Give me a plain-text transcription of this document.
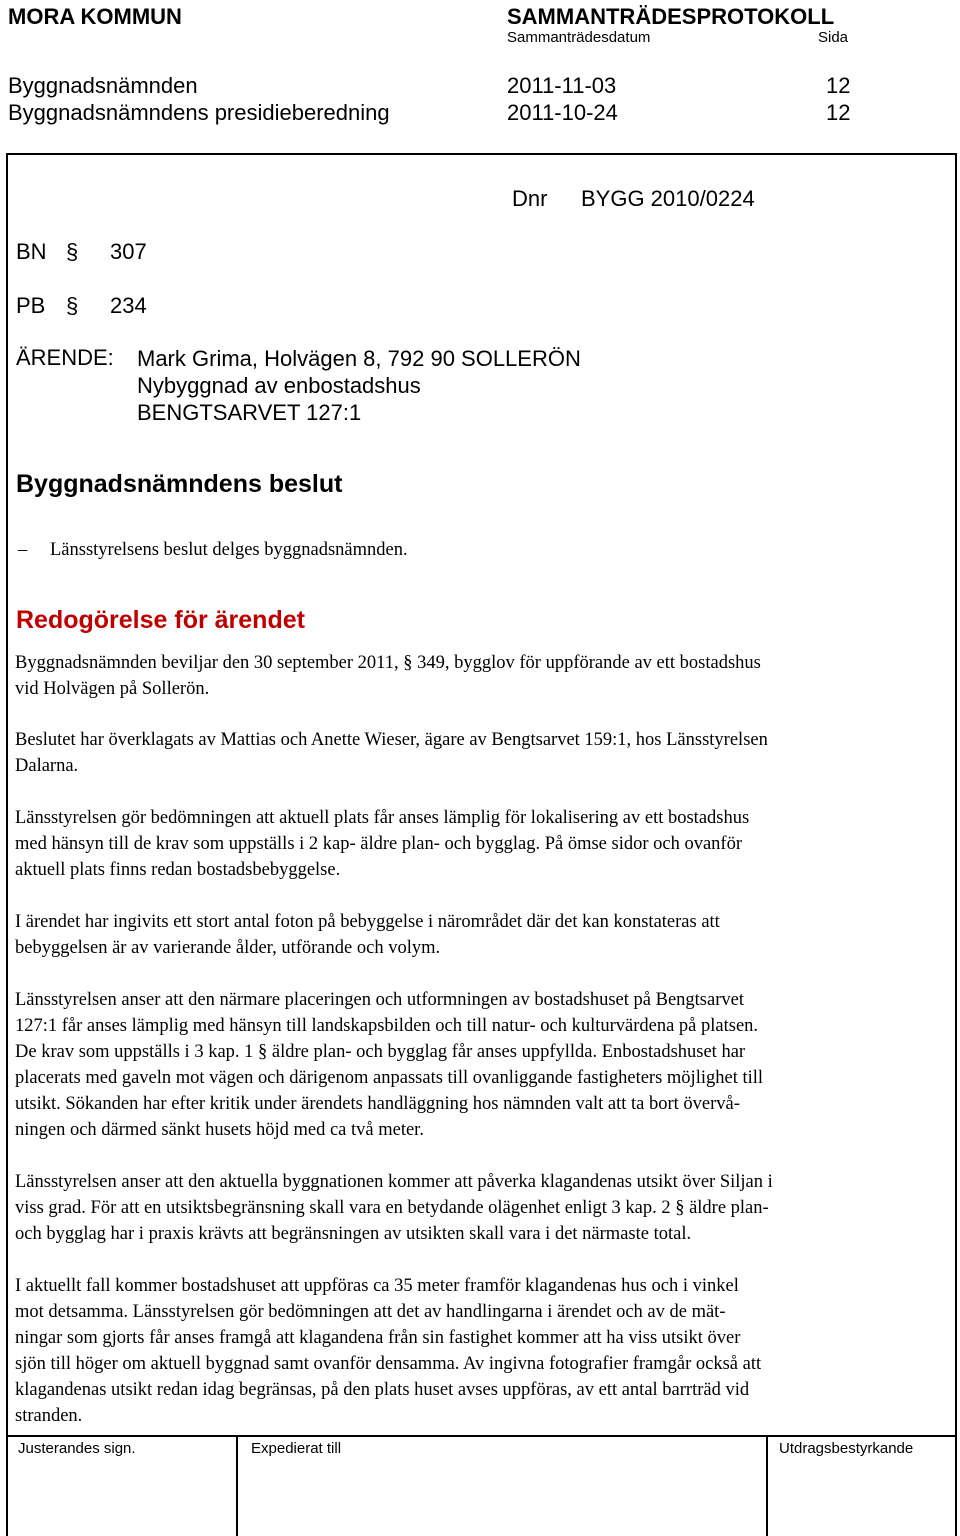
MORA KOMMUN	SAMMANTRÄDESPROTOKOLL
Sammanträdesdatum	Sida
Byggnadsnämnden	2011-11-03	12
Byggnadsnämndens presidieberedning	2011-10-24	12
Dnr BYGG 2010/0224
BN § 307
PB § 234
ÄRENDE: Mark Grima, Holvägen 8, 792 90 SOLLERÖN
Nybyggnad av enbostadshus
BENGTSARVET 127:1
Byggnadsnämndens beslut
– Länsstyrelsens beslut delges byggnadsnämnden.
Redogörelse för ärendet
Byggnadsnämnden beviljar den 30 september 2011, § 349, bygglov för uppförande av ett bostadshus
vid Holvägen på Sollerön.
Beslutet har överklagats av Mattias och Anette Wieser, ägare av Bengtsarvet 159:1, hos Länsstyrelsen
Dalarna.
Länsstyrelsen gör bedömningen att aktuell plats får anses lämplig för lokalisering av ett bostadshus
med hänsyn till de krav som uppställs i 2 kap- äldre plan- och bygglag. På ömse sidor och ovanför
aktuell plats finns redan bostadsbebyggelse.
I ärendet har ingivits ett stort antal foton på bebyggelse i närområdet där det kan konstateras att
bebyggelsen är av varierande ålder, utförande och volym.
Länsstyrelsen anser att den närmare placeringen och utformningen av bostadshuset på Bengtsarvet
127:1 får anses lämplig med hänsyn till landskapsbilden och till natur- och kulturvärdena på platsen.
De krav som uppställs i 3 kap. 1 § äldre plan- och bygglag får anses uppfyllda. Enbostadshuset har
placerats med gaveln mot vägen och därigenom anpassats till ovanliggande fastigheters möjlighet till
utsikt. Sökanden har efter kritik under ärendets handläggning hos nämnden valt att ta bort övervå-
ningen och därmed sänkt husets höjd med ca två meter.
Länsstyrelsen anser att den aktuella byggnationen kommer att påverka klagandenas utsikt över Siljan i
viss grad. För att en utsiktsbegränsning skall vara en betydande olägenhet enligt 3 kap. 2 § äldre plan-
och bygglag har i praxis krävts att begränsningen av utsikten skall vara i det närmaste total.
I aktuellt fall kommer bostadshuset att uppföras ca 35 meter framför klagandenas hus och i vinkel
mot detsamma. Länsstyrelsen gör bedömningen att det av handlingarna i ärendet och av de mät-
ningar som gjorts får anses framgå att klagandena från sin fastighet kommer att ha viss utsikt över
sjön till höger om aktuell byggnad samt ovanför densamma. Av ingivna fotografier framgår också att
klagandenas utsikt redan idag begränsas, på den plats huset avses uppföras, av ett antal barrträd vid
stranden.
Justerandes sign.	Expedierat till	Utdragsbestyrkande
